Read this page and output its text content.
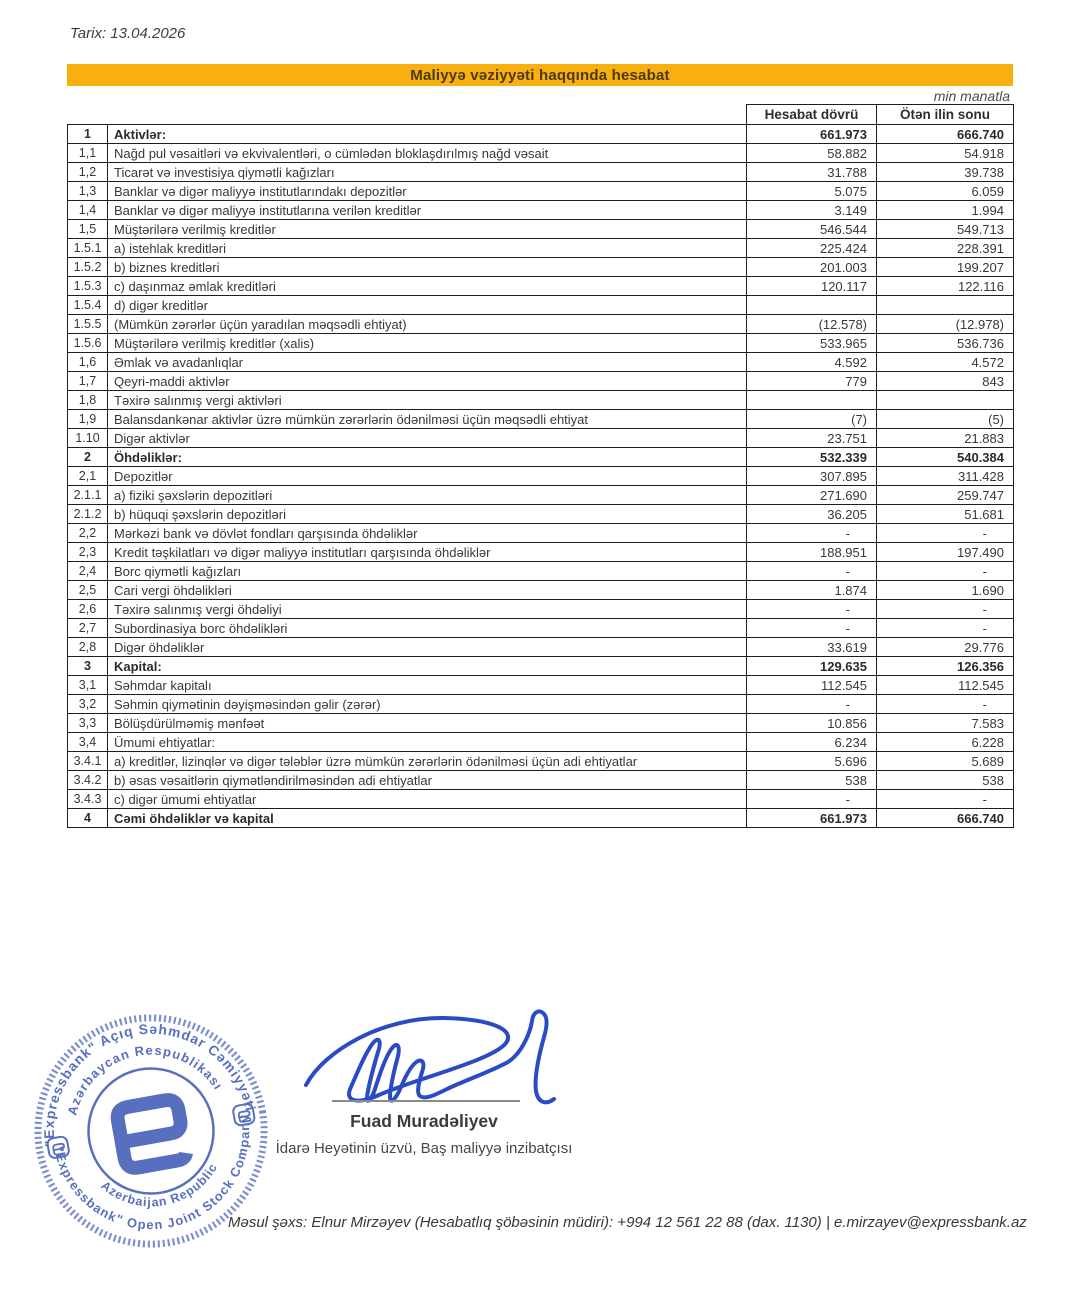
Tarix: 13.04.2026
Maliyyə vəziyyəti haqqında hesabat
min manatla
		Hesabat dövrü	Ötən ilin sonu
1	Aktivlər:	661.973	666.740
1,1	Nağd pul vəsaitləri və ekvivalentləri, o cümlədən bloklaşdırılmış nağd vəsait	58.882	54.918
1,2	Ticarət və investisiya qiymətli kağızları	31.788	39.738
1,3	Banklar və digər maliyyə institutlarındakı depozitlər	5.075	6.059
1,4	Banklar və digər maliyyə institutlarına verilən kreditlər	3.149	1.994
1,5	Müştərilərə verilmiş kreditlər	546.544	549.713
1.5.1	a) istehlak kreditləri	225.424	228.391
1.5.2	b) biznes kreditləri	201.003	199.207
1.5.3	c) daşınmaz əmlak kreditləri	120.117	122.116
1.5.4	d) digər kreditlər		
1.5.5	(Mümkün zərərlər üçün yaradılan məqsədli ehtiyat)	(12.578)	(12.978)
1.5.6	Müştərilərə verilmiş kreditlər (xalis)	533.965	536.736
1,6	Əmlak və avadanlıqlar	4.592	4.572
1,7	Qeyri-maddi aktivlər	779	843
1,8	Təxirə salınmış vergi aktivləri		
1,9	Balansdankənar aktivlər üzrə mümkün zərərlərin ödənilməsi üçün məqsədli ehtiyat	(7)	(5)
1.10	Digər aktivlər	23.751	21.883
2	Öhdəliklər:	532.339	540.384
2,1	Depozitlər	307.895	311.428
2.1.1	a) fiziki şəxslərin depozitləri	271.690	259.747
2.1.2	b) hüquqi şəxslərin depozitləri	36.205	51.681
2,2	Mərkəzi bank və dövlət fondları qarşısında öhdəliklər	-	-
2,3	Kredit təşkilatları və digər maliyyə institutları qarşısında öhdəliklər	188.951	197.490
2,4	Borc qiymətli kağızları	-	-
2,5	Cari vergi öhdəlikləri	1.874	1.690
2,6	Təxirə salınmış vergi öhdəliyi	-	-
2,7	Subordinasiya borc öhdəlikləri	-	-
2,8	Digər öhdəliklər	33.619	29.776
3	Kapital:	129.635	126.356
3,1	Səhmdar kapitalı	112.545	112.545
3,2	Səhmin qiymətinin dəyişməsindən gəlir (zərər)	-	-
3,3	Bölüşdürülməmiş mənfəət	10.856	7.583
3,4	Ümumi ehtiyatlar:	6.234	6.228
3.4.1	a) kreditlər, lizinqlər və digər tələblər üzrə mümkün zərərlərin ödənilməsi üçün adi ehtiyatlar	5.696	5.689
3.4.2	b) əsas vəsaitlərin qiymətləndirilməsindən adi ehtiyatlar	538	538
3.4.3	c) digər ümumi ehtiyatlar	-	-
4	Cəmi öhdəliklər və kapital	661.973	666.740
"Expressbank" Açıq Səhmdar Cəmiyyəti
Azərbaycan Respublikası
Azerbaijan Republic
"Expressbank" Open Joint Stock Company	Fuad Muradəliyev
İdarə Heyətinin üzvü, Baş maliyyə inzibatçısı
Məsul şəxs: Elnur Mirzəyev (Hesabatlıq şöbəsinin müdiri): +994 12 561 22 88 (dax. 1130) | e.mirzayev@expressbank.az
